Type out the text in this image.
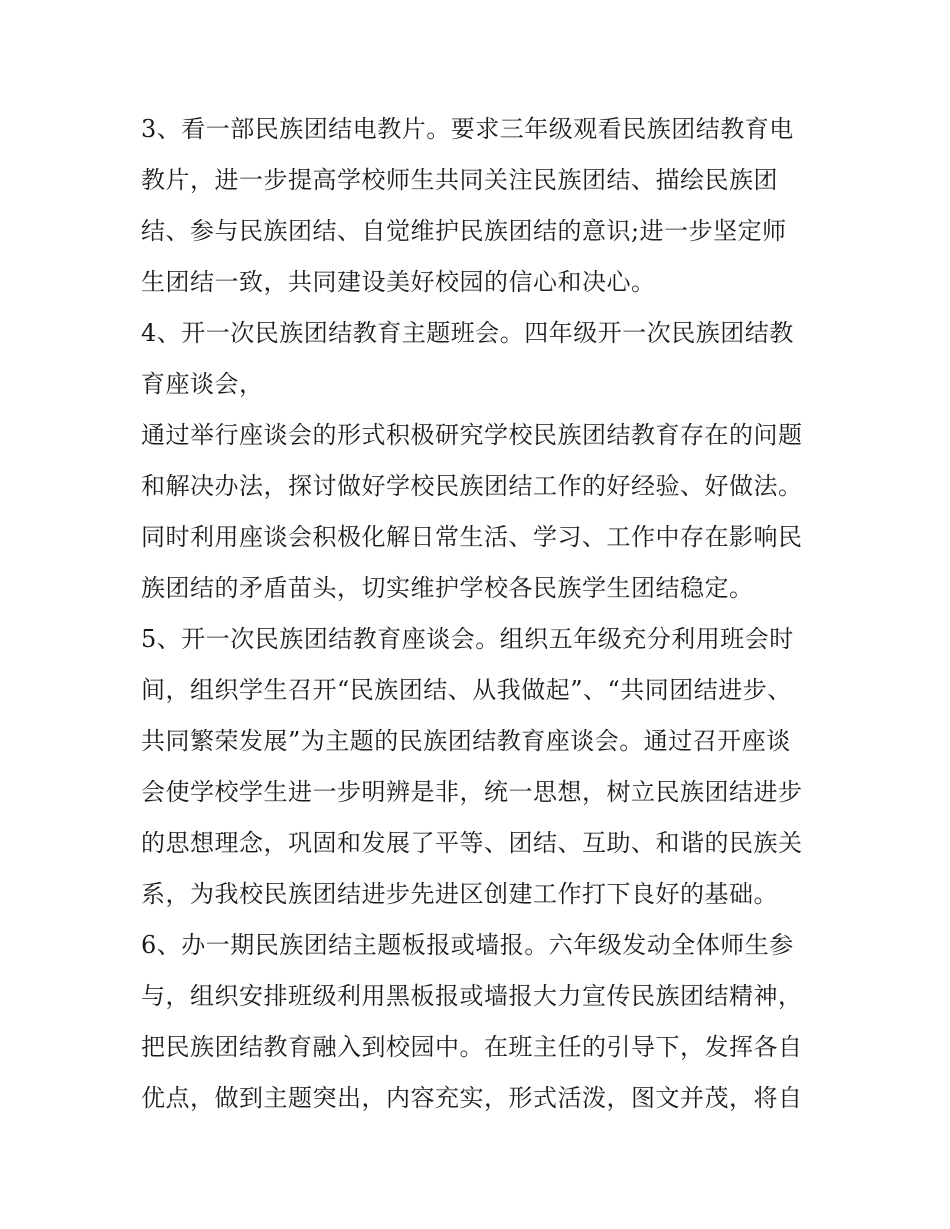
3、看一部民族团结电教片。要求三年级观看民族团结教育电
教片，进一步提高学校师生共同关注民族团结、描绘民族团
结、参与民族团结、自觉维护民族团结的意识;进一步坚定师
生团结一致，共同建设美好校园的信心和决心。
4、开一次民族团结教育主题班会。四年级开一次民族团结教
育座谈会，
通过举行座谈会的形式积极研究学校民族团结教育存在的问题
和解决办法，探讨做好学校民族团结工作的好经验、好做法。
同时利用座谈会积极化解日常生活、学习、工作中存在影响民
族团结的矛盾苗头，切实维护学校各民族学生团结稳定。
5、开一次民族团结教育座谈会。组织五年级充分利用班会时
间，组织学生召开“民族团结、从我做起”、“共同团结进步、
共同繁荣发展”为主题的民族团结教育座谈会。通过召开座谈
会使学校学生进一步明辨是非，统一思想，树立民族团结进步
的思想理念，巩固和发展了平等、团结、互助、和谐的民族关
系，为我校民族团结进步先进区创建工作打下良好的基础。
6、办一期民族团结主题板报或墙报。六年级发动全体师生参
与，组织安排班级利用黑板报或墙报大力宣传民族团结精神，
把民族团结教育融入到校园中。在班主任的引导下，发挥各自
优点，做到主题突出，内容充实，形式活泼，图文并茂，将自
